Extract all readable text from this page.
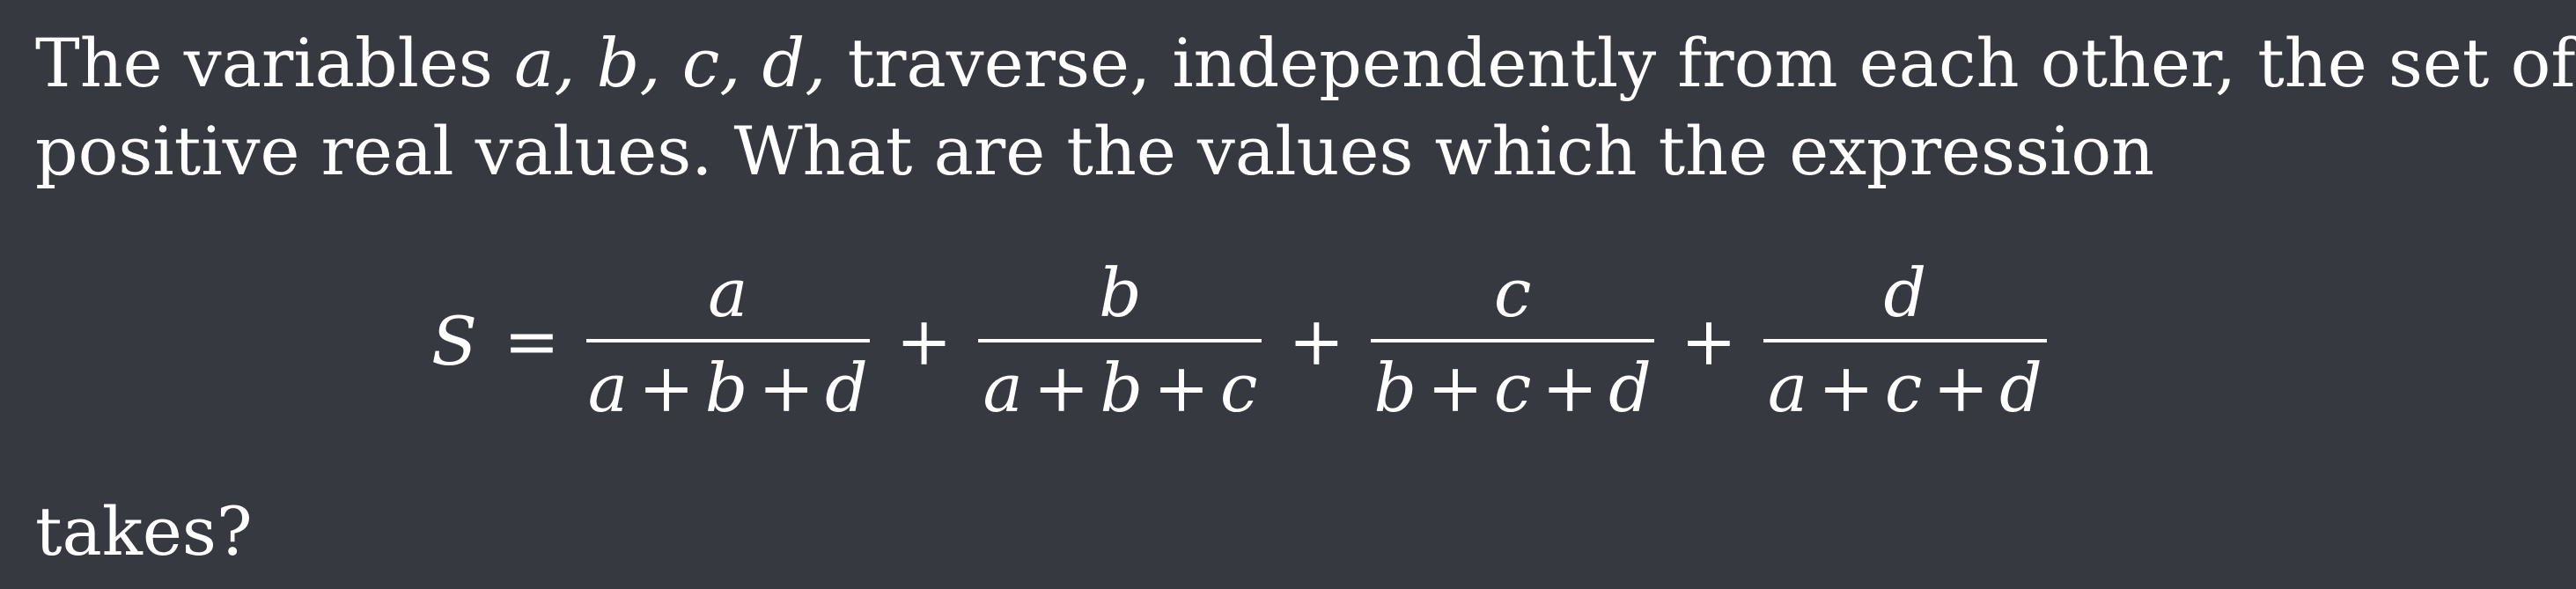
The variables a, b, c, d, traverse, independently from each other, the set of
positive real values. What are the values which the expression

$S = \frac{a}{a + b + d} + \frac{b}{a + b + c} + \frac{c}{b + c + d} + \frac{d}{a + c + d}$

takes?
